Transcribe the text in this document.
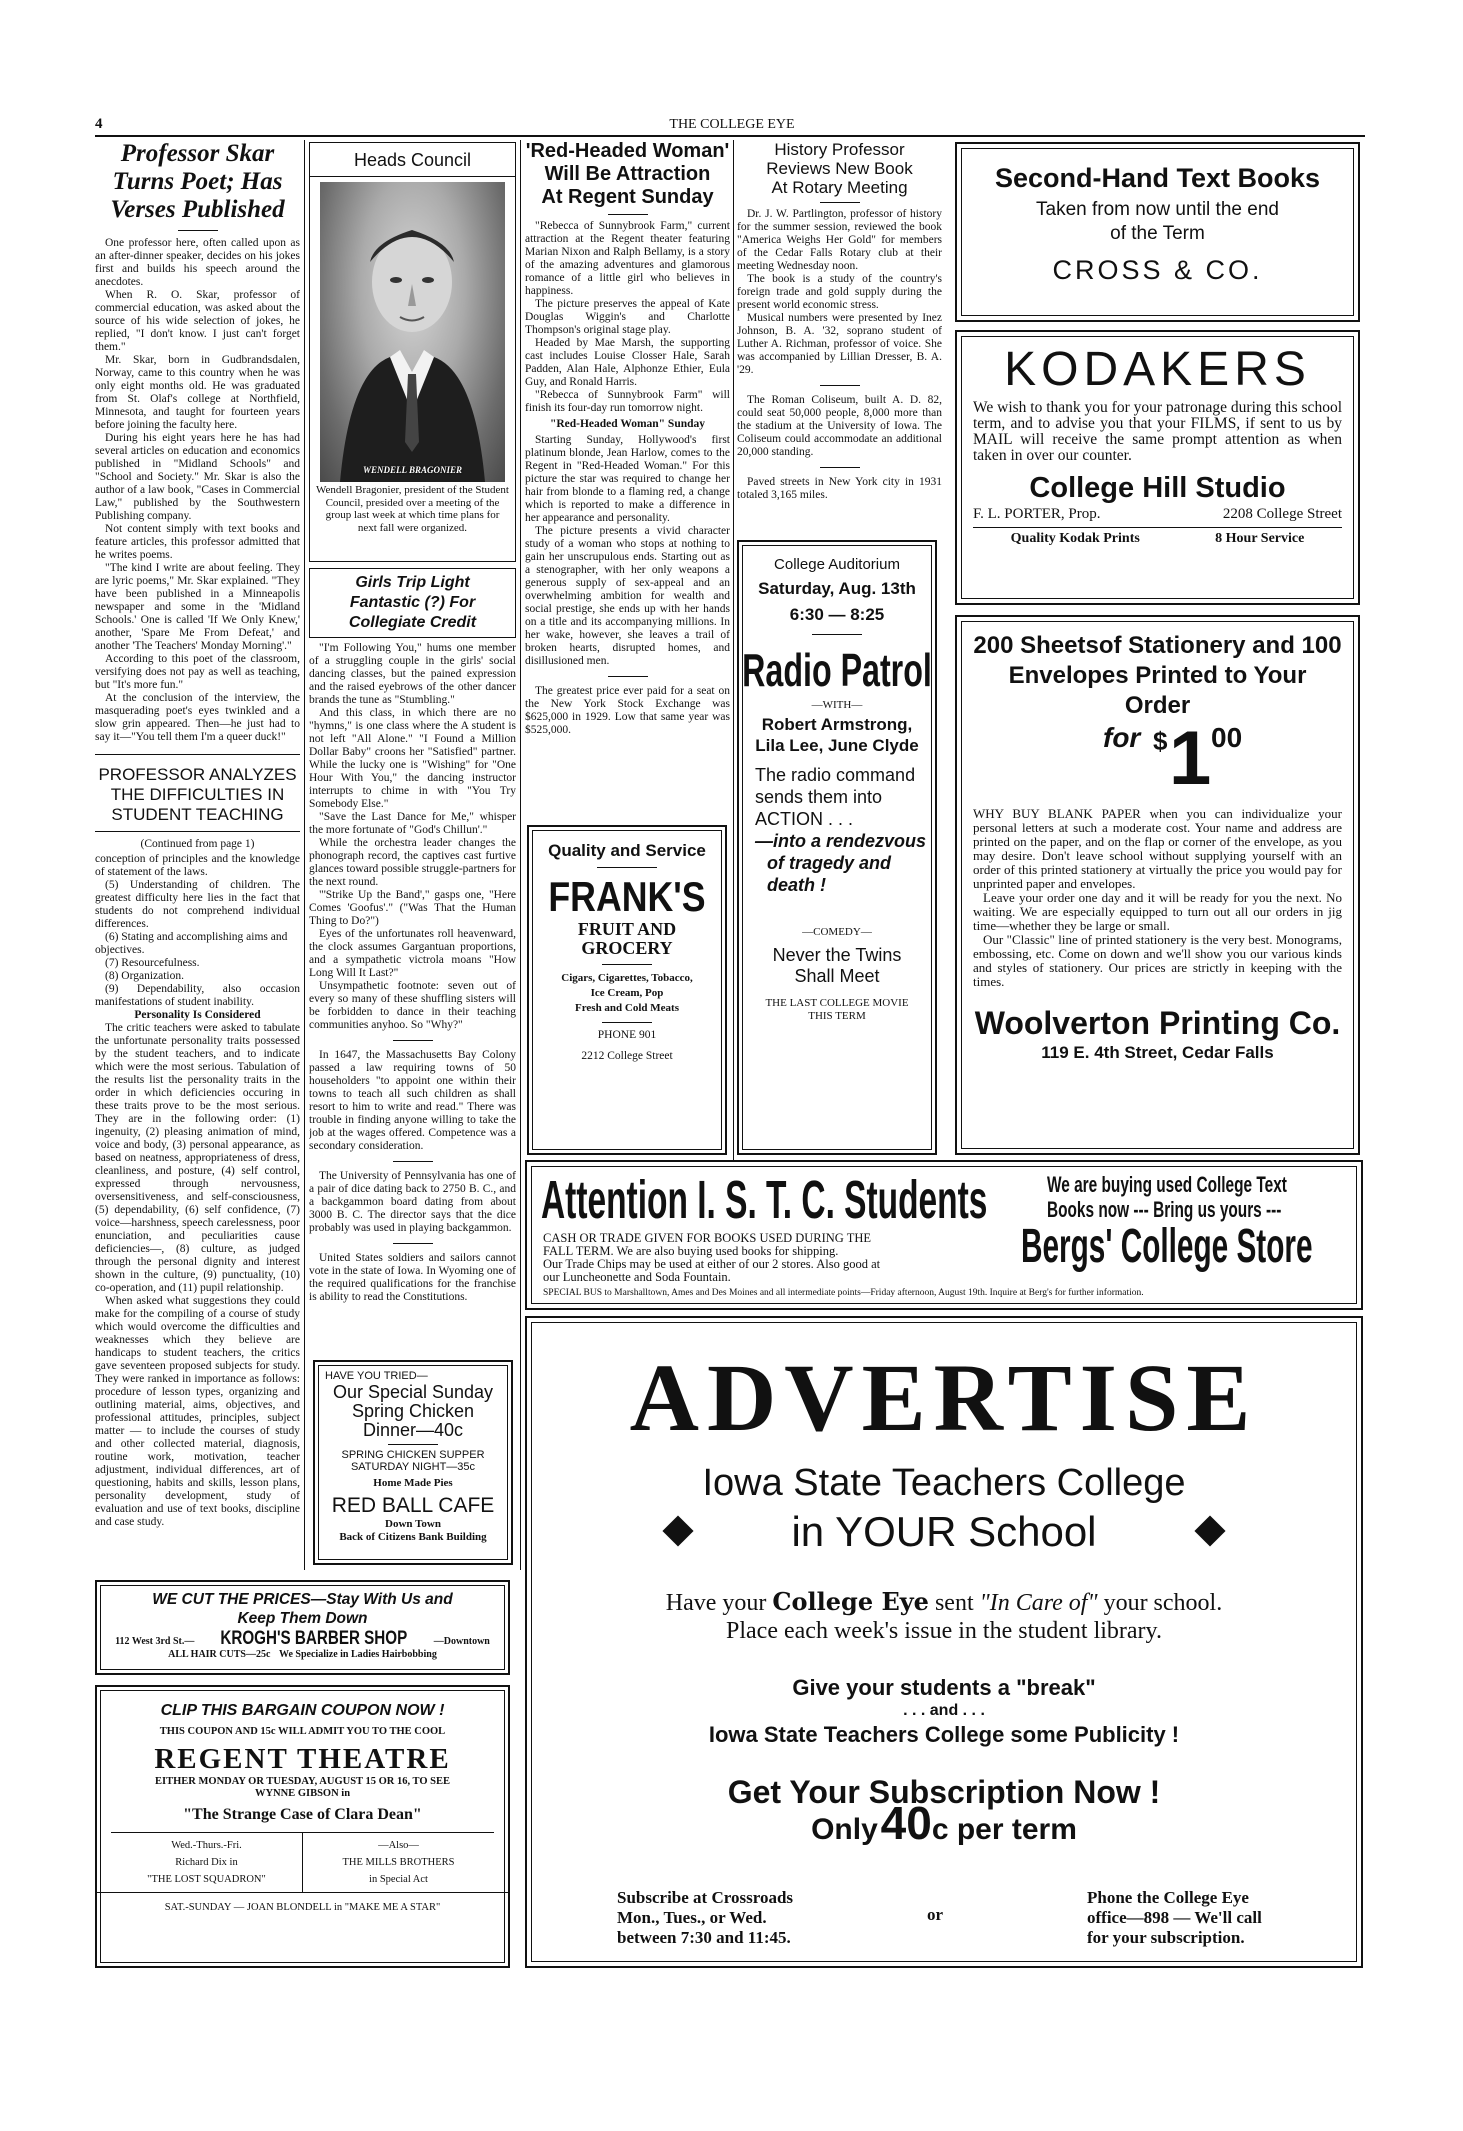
4	THE COLLEGE EYE
Professor Skar
Turns Poet; Has
Verses Published

One professor here, often called upon as an after-dinner speaker, decides on his jokes first and builds his speech around the anecdotes.

When R. O. Skar, professor of commercial education, was asked about the source of his wide selection of jokes, he replied, "I don't know. I just can't forget them."

Mr. Skar, born in Gudbrandsdalen, Norway, came to this country when he was only eight months old. He was graduated from St. Olaf's college at Northfield, Minnesota, and taught for fourteen years before joining the faculty here.

During his eight years here he has had several articles on education and economics published in "Midland Schools" and "School and Society." Mr. Skar is also the author of a law book, "Cases in Commercial Law," published by the Southwestern Publishing company.

Not content simply with text books and feature articles, this professor admitted that he writes poems.

"The kind I write are about feeling. They are lyric poems," Mr. Skar explained. "They have been published in a Minneapolis newspaper and some in the 'Midland Schools.' One is called 'If We Only Knew,' another, 'Spare Me From Defeat,' and another 'The Teachers' Monday Morning'."

According to this poet of the classroom, versifying does not pay as well as teaching, but "It's more fun."

At the conclusion of the interview, the masquerading poet's eyes twinkled and a slow grin appeared. Then—he just had to say it—"You tell them I'm a queer duck!"

PROFESSOR ANALYZES
THE DIFFICULTIES IN
STUDENT TEACHING

(Continued from page 1)

conception of principles and the knowledge of statement of the laws.

(5) Understanding of children. The greatest difficulty here lies in the fact that students do not comprehend individual differences.

(6) Stating and accomplishing aims and objectives.

(7) Resourcefulness.

(8) Organization.

(9) Dependability, also occasion manifestations of student inability.

Personality Is Considered

The critic teachers were asked to tabulate the unfortunate personality traits possessed by the student teachers, and to indicate which were the most serious. Tabulation of the results list the personality traits in the order in which deficiencies occuring in these traits prove to be the most serious. They are in the following order: (1) ingenuity, (2) pleasing animation of mind, voice and body, (3) personal appearance, as based on neatness, appropriateness of dress, cleanliness, and posture, (4) self control, expressed through nervousness, oversensitiveness, and self-consciousness, (5) dependability, (6) self confidence, (7) voice—harshness, speech carelessness, poor enunciation, and peculiarities cause deficiencies—, (8) culture, as judged through the personal dignity and interest shown in the culture, (9) punctuality, (10) co-operation, and (11) pupil relationship.

When asked what suggestions they could make for the compiling of a course of study which would overcome the difficulties and weaknesses which they believe are handicaps to student teachers, the critics gave seventeen proposed subjects for study. They were ranked in importance as follows: procedure of lesson types, organizing and outlining material, aims, objectives, and professional attitudes, principles, subject matter — to include the courses of study and other collected material, diagnosis, routine work, motivation, teacher adjustment, individual differences, art of questioning, habits and skills, lesson plans, personality development, study of evaluation and use of text books, discipline and case study.

Heads Council
WENDELL BRAGONIER

Wendell Bragonier, president of the Student Council, presided over a meeting of the group last week at which time plans for next fall were organized.

Girls Trip Light
Fantastic (?) For
Collegiate Credit

"I'm Following You," hums one member of a struggling couple in the girls' social dancing classes, but the pained expression and the raised eyebrows of the other dancer brands the tune as "Stumbling."

And this class, in which there are no "hymns," is one class where the A student is not left "All Alone." "I Found a Million Dollar Baby" croons her "Satisfied" partner. While the lucky one is "Wishing" for "One Hour With You," the dancing instructor interrupts to chime in with "You Try Somebody Else."

"Save the Last Dance for Me," whisper the more fortunate of "God's Chillun'."

While the orchestra leader changes the phonograph record, the captives cast furtive glances toward possible struggle-partners for the next round.

"'Strike Up the Band'," gasps one, "Here Comes 'Goofus'." ("Was That the Human Thing to Do?")

Eyes of the unfortunates roll heavenward, the clock assumes Gargantuan proportions, and a sympathetic victrola moans "How Long Will It Last?"

Unsympathetic footnote: seven out of every so many of these shuffling sisters will be forbidden to dance in their teaching communities anyhoo. So "Why?"

In 1647, the Massachusetts Bay Colony passed a law requiring towns of 50 householders "to appoint one within their towns to teach all such children as shall resort to him to write and read." There was trouble in finding anyone willing to take the job at the wages offered. Competence was a secondary consideration.

The University of Pennsylvania has one of a pair of dice dating back to 2750 B. C., and a backgammon board dating from about 3000 B. C. The director says that the dice probably was used in playing backgammon.

United States soldiers and sailors cannot vote in the state of Iowa. In Wyoming one of the required qualifications for the franchise is ability to read the Constitutions.

HAVE YOU TRIED—
Our Special Sunday
Spring Chicken
Dinner—40c
SPRING CHICKEN SUPPER
SATURDAY NIGHT—35c
Home Made Pies
RED BALL CAFE
Down Town
Back of Citizens Bank Building
'Red-Headed Woman'
Will Be Attraction
At Regent Sunday

"Rebecca of Sunnybrook Farm," current attraction at the Regent theater featuring Marian Nixon and Ralph Bellamy, is a story of the amazing adventures and glamorous romance of a little girl who believes in happiness.

The picture preserves the appeal of Kate Douglas Wiggin's and Charlotte Thompson's original stage play.

Headed by Mae Marsh, the supporting cast includes Louise Closser Hale, Sarah Padden, Alan Hale, Alphonze Ethier, Eula Guy, and Ronald Harris.

"Rebecca of Sunnybrook Farm" will finish its four-day run tomorrow night.

"Red-Headed Woman" Sunday

Starting Sunday, Hollywood's first platinum blonde, Jean Harlow, comes to the Regent in "Red-Headed Woman." For this picture the star was required to change her hair from blonde to a flaming red, a change which is reported to make a difference in her appearance and personality.

The picture presents a vivid character study of a woman who stops at nothing to gain her unscrupulous ends. Starting out as a stenographer, with her only weapons a generous supply of sex-appeal and an overwhelming ambition for wealth and social prestige, she ends up with her hands on a title and its accompanying millions. In her wake, however, she leaves a trail of broken hearts, disrupted homes, and disillusioned men.

The greatest price ever paid for a seat on the New York Stock Exchange was $625,000 in 1929. Low that same year was $525,000.

Quality and Service
FRANK'S
FRUIT AND
GROCERY
Cigars, Cigarettes, Tobacco,
Ice Cream, Pop
Fresh and Cold Meats
PHONE 901
2212 College Street
History Professor
Reviews New Book
At Rotary Meeting

Dr. J. W. Partlington, professor of history for the summer session, reviewed the book "America Weighs Her Gold" for members of the Cedar Falls Rotary club at their meeting Wednesday noon.

The book is a study of the country's foreign trade and gold supply during the present world economic stress.

Musical numbers were presented by Inez Johnson, B. A. '32, soprano student of Luther A. Richman, professor of voice. She was accompanied by Lillian Dresser, B. A. '29.

The Roman Coliseum, built A. D. 82, could seat 50,000 people, 8,000 more than the stadium at the University of Iowa. The Coliseum could accommodate an additional 20,000 standing.

Paved streets in New York city in 1931 totaled 3,165 miles.

College Auditorium
Saturday, Aug. 13th
6:30 — 8:25
Radio Patrol
—WITH—
Robert Armstrong,
Lila Lee, June Clyde
The radio command
sends them into
ACTION . . .
—into a rendezvous
of tragedy and
death !
—COMEDY—
Never the Twins
Shall Meet
THE LAST COLLEGE MOVIE
THIS TERM
Second-Hand Text Books
Taken from now until the end
of the Term
CROSS & CO.
KODAKERS

We wish to thank you for your patronage during this school term, and to advise you that your FILMS, if sent to us by MAIL will receive the same prompt attention as when taken in over our counter.

College Hill Studio
F. L. PORTER, Prop.	2208 College Street
Quality Kodak Prints	8 Hour Service
200 Sheetsof Stationery and 100
Envelopes Printed to Your Order
for $ 1 00

WHY BUY BLANK PAPER when you can individualize your personal letters at such a moderate cost. Your name and address are printed on the paper, and on the flap or corner of the envelope, as you may desire. Don't leave school without supplying yourself with an order of this printed stationery at virtually the price you would pay for unprinted paper and envelopes.

Leave your order one day and it will be ready for you the next. No waiting. We are especially equipped to turn out all our orders in jig time—whether they be large or small.

Our "Classic" line of printed stationery is the very best. Monograms, embossing, etc. Come on down and we'll show you our various kinds and styles of stationery. Our prices are strictly in keeping with the times.

Woolverton Printing Co.
119 E. 4th Street, Cedar Falls
Attention I. S. T. C. Students	We are buying used College Text
Books now --- Bring us yours ---
CASH OR TRADE GIVEN FOR BOOKS USED DURING THE
FALL TERM. We are also buying used books for shipping.
Our Trade Chips may be used at either of our 2 stores. Also good at
our Luncheonette and Soda Fountain.
Bergs' College Store
SPECIAL BUS to Marshalltown, Ames and Des Moines and all intermediate points—Friday afternoon, August 19th. Inquire at Berg's for further information.
ADVERTISE
Iowa State Teachers College
in YOUR School
Have your College Eye sent "In Care of" your school.
Place each week's issue in the student library.
Give your students a "break"
. . . and . . .
Iowa State Teachers College some Publicity !
Get Your Subscription Now !
Only 40c per term
Subscribe at Crossroads
Mon., Tues., or Wed.
between 7:30 and 11:45.
or
Phone the College Eye
office—898 — We'll call
for your subscription.
WE CUT THE PRICES—Stay With Us and
Keep Them Down
112 West 3rd St.— KROGH'S BARBER SHOP	—Downtown
ALL HAIR CUTS—25c We Specialize in Ladies Hairbobbing
CLIP THIS BARGAIN COUPON NOW !
THIS COUPON AND 15c WILL ADMIT YOU TO THE COOL
REGENT THEATRE
EITHER MONDAY OR TUESDAY, AUGUST 15 OR 16, TO SEE
WYNNE GIBSON in
"The Strange Case of Clara Dean"
Wed.-Thurs.-Fri.
Richard Dix in
"THE LOST SQUADRON"
—Also—
THE MILLS BROTHERS
in Special Act
SAT.-SUNDAY — JOAN BLONDELL in "MAKE ME A STAR"
